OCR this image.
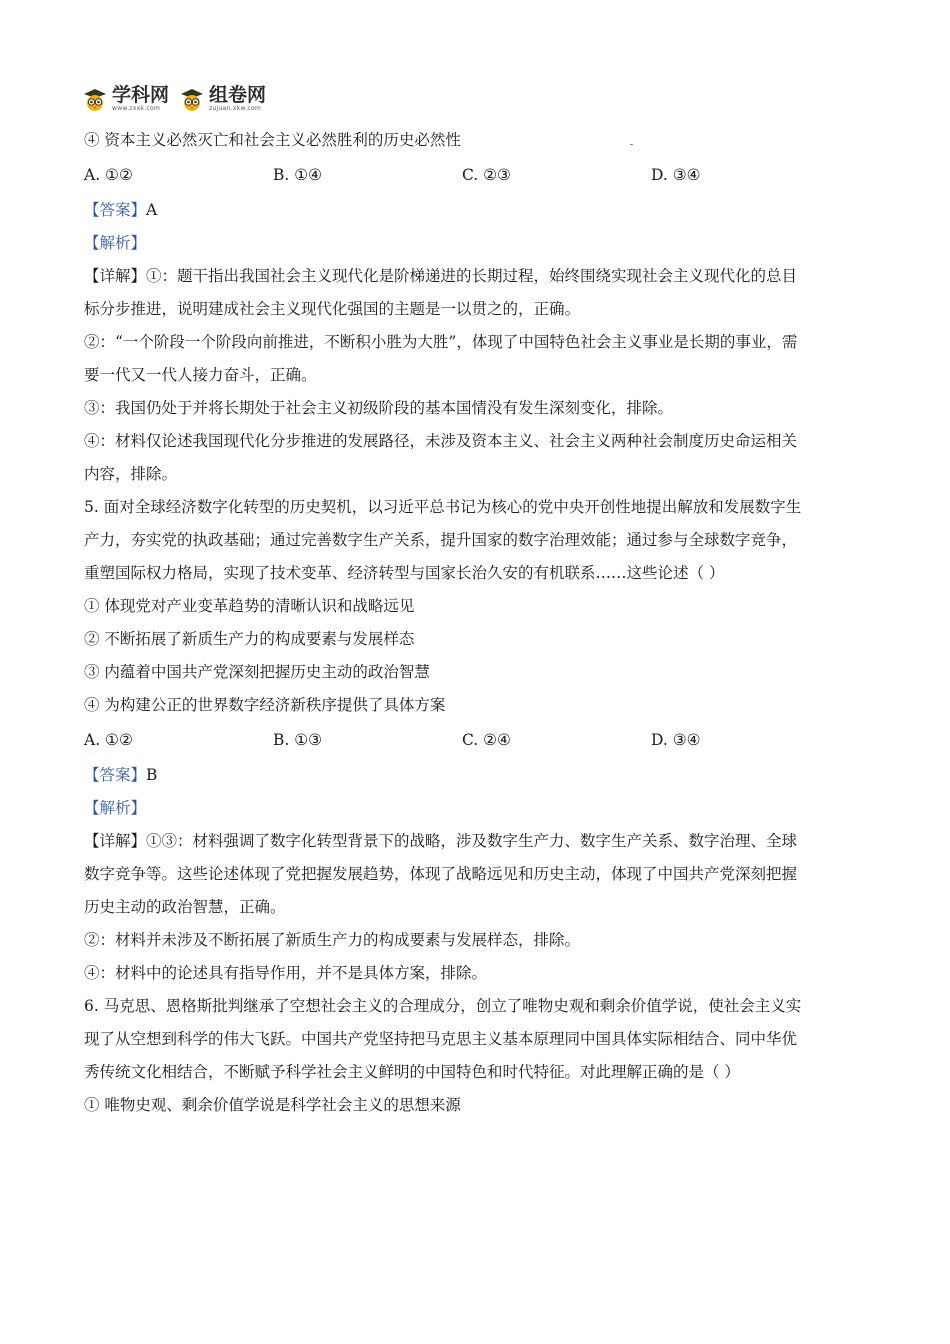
学科网
www.zxxk.com
组卷网
zujuan.xkw.com
④ 资本主义必然灭亡和社会主义必然胜利的历史必然性
A. ①②	B. ①④	C. ②③	D. ③④
【答案】A
【解析】
【详解】①：题干指出我国社会主义现代化是阶梯递进的长期过程，始终围绕实现社会主义现代化的总目
标分步推进，说明建成社会主义现代化强国的主题是一以贯之的，正确。
②：“一个阶段一个阶段向前推进，不断积小胜为大胜”，体现了中国特色社会主义事业是长期的事业，需
要一代又一代人接力奋斗，正确。
③：我国仍处于并将长期处于社会主义初级阶段的基本国情没有发生深刻变化，排除。
④：材料仅论述我国现代化分步推进的发展路径，未涉及资本主义、社会主义两种社会制度历史命运相关
内容，排除。
5. 面对全球经济数字化转型的历史契机，以习近平总书记为核心的党中央开创性地提出解放和发展数字生
产力，夯实党的执政基础；通过完善数字生产关系，提升国家的数字治理效能；通过参与全球数字竞争，
重塑国际权力格局，实现了技术变革、经济转型与国家长治久安的有机联系……这些论述（ ）
① 体现党对产业变革趋势的清晰认识和战略远见
② 不断拓展了新质生产力的构成要素与发展样态
③ 内蕴着中国共产党深刻把握历史主动的政治智慧
④ 为构建公正的世界数字经济新秩序提供了具体方案
A. ①②	B. ①③	C. ②④	D. ③④
【答案】B
【解析】
【详解】①③：材料强调了数字化转型背景下的战略，涉及数字生产力、数字生产关系、数字治理、全球
数字竞争等。这些论述体现了党把握发展趋势，体现了战略远见和历史主动，体现了中国共产党深刻把握
历史主动的政治智慧，正确。
②：材料并未涉及不断拓展了新质生产力的构成要素与发展样态，排除。
④：材料中的论述具有指导作用，并不是具体方案，排除。
6. 马克思、恩格斯批判继承了空想社会主义的合理成分，创立了唯物史观和剩余价值学说，使社会主义实
现了从空想到科学的伟大飞跃。中国共产党坚持把马克思主义基本原理同中国具体实际相结合、同中华优
秀传统文化相结合，不断赋予科学社会主义鲜明的中国特色和时代特征。对此理解正确的是（ ）
① 唯物史观、剩余价值学说是科学社会主义的思想来源
